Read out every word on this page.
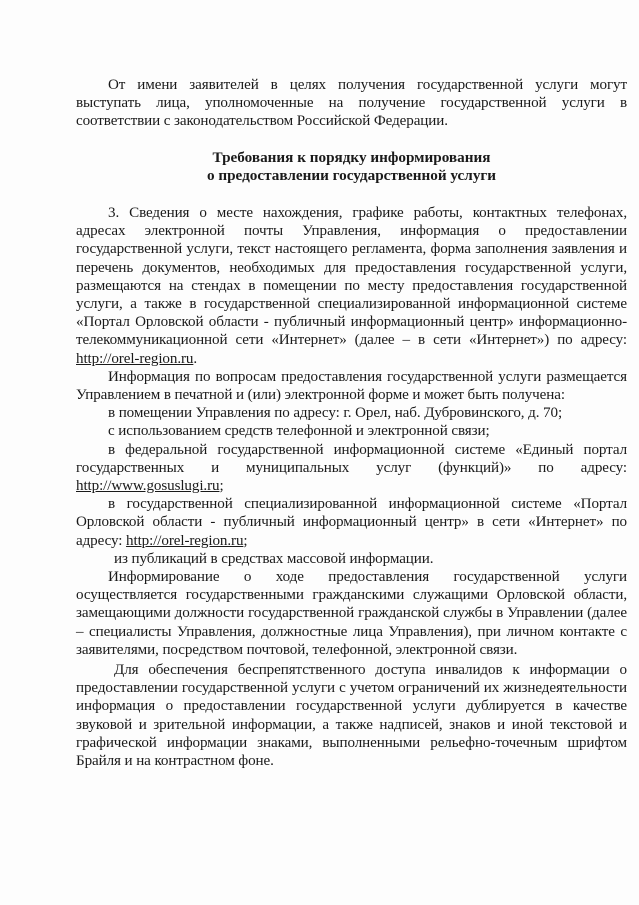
От имени заявителей в целях получения государственной услуги могут выступать лица, уполномоченные на получение государственной услуги в соответствии с законодательством Российской Федерации.

Требования к порядку информирования
о предоставлении государственной услуги

3. Сведения о месте нахождения, графике работы, контактных телефонах, адресах электронной почты Управления, информация о предоставлении государственной услуги, текст настоящего регламента, форма заполнения заявления и перечень документов, необходимых для предоставления государственной услуги, размещаются на стендах в помещении по месту предоставления государственной услуги, а также в государственной специализированной информационной системе «Портал Орловской области - публичный информационный центр» информационно-телекоммуникационной сети «Интернет» (далее – в сети «Интернет») по адресу: http://orel-region.ru.

Информация по вопросам предоставления государственной услуги размещается Управлением в печатной и (или) электронной форме и может быть получена:

в помещении Управления по адресу: г. Орел, наб. Дубровинского, д. 70;

с использованием средств телефонной и электронной связи;

в федеральной государственной информационной системе «Единый портал государственных и муниципальных услуг (функций)» по адресу: http://www.gosuslugi.ru;

в государственной специализированной информационной системе «Портал Орловской области - публичный информационный центр» в сети «Интернет» по адресу: http://orel-region.ru;

из публикаций в средствах массовой информации.

Информирование о ходе предоставления государственной услуги осуществляется государственными гражданскими служащими Орловской области, замещающими должности государственной гражданской службы в Управлении (далее – специалисты Управления, должностные лица Управления), при личном контакте с заявителями, посредством почтовой, телефонной, электронной связи.

Для обеспечения беспрепятственного доступа инвалидов к информации о предоставлении государственной услуги с учетом ограничений их жизнедеятельности информация о предоставлении государственной услуги дублируется в качестве звуковой и зрительной информации, а также надписей, знаков и иной текстовой и графической информации знаками, выполненными рельефно-точечным шрифтом Брайля и на контрастном фоне.
